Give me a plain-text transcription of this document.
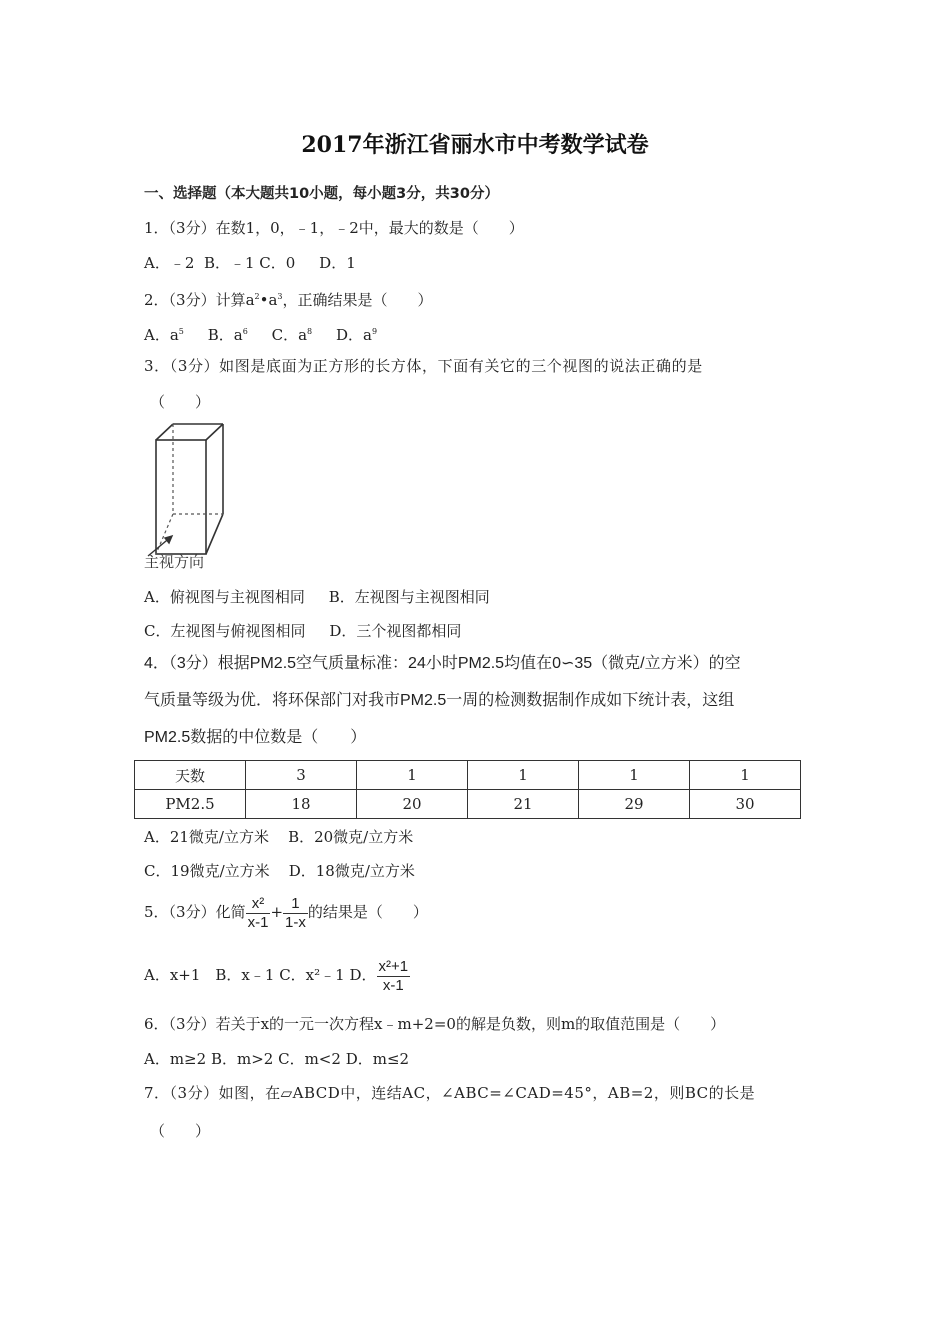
2017年浙江省丽水市中考数学试卷
一、选择题（本大题共10小题，每小题3分，共30分）
1．（3分）在数1，0，﹣1，﹣2中，最大的数是（　　）
A．﹣2 B．﹣1 C．0 D．1
2．（3分）计算$a^2•a^3$，正确结果是（　　）
A．$a^5$ B．$a^6$ C．$a^8$ D．$a^9$
3．（3分）如图是底面为正方形的长方体，下面有关它的三个视图的说法正确的是
（　　）
主视方向
A．俯视图与主视图相同 B．左视图与主视图相同
C．左视图与俯视图相同 D．三个视图都相同
4．（3分）根据PM2.5空气质量标准：24小时PM2.5均值在0∽35（微克/立方米）的空
气质量等级为优．将环保部门对我市PM2.5一周的检测数据制作成如下统计表，这组
PM2.5数据的中位数是（　　）
天数	3	1	1	1	1
PM2.5	18	20	21	29	30
A．21微克/立方米 B．20微克/立方米
C．19微克/立方米 D．18微克/立方米
5．（3分）化简 $\frac{\text{x²}}{x-1} + \frac{1}{1-x}$ 的结果是（　　）
A．x+1　B．x﹣1 C．x²﹣1 D． $\frac{\text{x²+1}}{x-1}$
6．（3分）若关于x的一元一次方程x﹣m+2=0的解是负数，则m的取值范围是（　　）
A．m≥2 B．m>2 C．m<2 D．m≤2
7．（3分）如图，在▱ABCD中，连结AC，∠ABC=∠CAD=45°，AB=2，则BC的长是
（　　）
